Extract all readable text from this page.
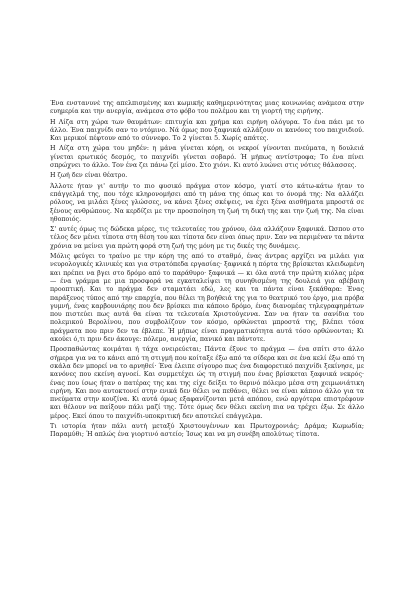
Ένα ενστανυνέ της απελπισμένης και κωμικής καθημερινότητας μιας κοινωνίας ανάμεσα στην ευημερία και την ανεργία, ανάμεσα στο φόβο του πολέμου και τη γιορτή της ειρήνης.

Η Λίζα στη χώρα των θαυμάτων: επιτυχία και χρήμα και ειρήνη ολόγυρα. Το ένα πάει με το άλλο. Ένα παιχνίδι σαν το ντόμινο. Νά όμως που ξαφνικά αλλάζουν οι κανόνες του παιχνιδιού. Και μερικοί πέφτουν από το σύννεφο. Το 2 γίνεται 5. Χωρίς απάτες.

Η Λίζα στη χώρα του μηδέν: η μάνα γίνεται κόρη, οι νεκροί γίνονται πνεύματα, η δουλειά γίνεται ερωτικός δεσμός, το παιχνίδι γίνεται σοβαρό. Ή μήπως αντίστροφα; Το ένα πίνει σπρώχνει το άλλο. Τον ένα ζει πάνω ζεί μίσο. Στο χιόνι. Κι αυτό λυώνει στις νότιες θάλασσες.

Η ζωή δεν είναι θέατρο.

Άλλοτε ήταν γι' αυτήν το πιο φυσικό πράγμα στον κόσμο, γιατί στο κάτω-κάτω ήταν το επάγγελμά της, που τόχε κληρονομήσει από τη μάνα της όπως και το όνομά της: Να αλλάζει ρόλους, να μιλάει ξένες γλώσσες, να κάνει ξένες σκέψεις, να έχει ξένα αισθήματα μπροστά σε ξένους ανθρώπους. Να κερδίζει με την προσποίηση τη ζωή τη δική της και την ζωή της. Να είναι ηθοποιός.

Σ' αυτές όμως τις δώδεκα μέρες, τις τελευταίες του χρόνου, όλα αλλάζουν ξαφνικά. Ώσπου στο τέλος δεν μένει τίποτα στη θέση του και τίποτα δεν είναι όπως πριν. Σαν να περιμέναν τα πάντα χρόνια να μείνει για πρώτη φορά στη ζωή της μόνη με τις δικές της δυνάμεις.

Μόλις φεύγει το τραίνο με την κόρη της από το σταθμό, ένας άντρας αρχίζει να μιλάει για νευρολογικές κλινικές και για στρατόπεδα εργασίας· ξαφνικά η πόρτα της βρίσκεται κλειδωμένη και πρέπει να βγει στο δρόμο από το παράθυρο· ξαφνικά — κι όλα αυτά την πρώτη κιόλας μέρα — ένα γράμμα με μια προσφορά να εγκαταλείψει τη συνηθισμένη της δουλειά για αβέβαιη προοπτική. Και το πράγμα δεν σταματάει εδώ, λες και τα πάντα είναι ξεκάθαρα: Ένας παράξενος τύπος από την επαρχία, που θέλει τη βοήθειά της για το θεατρικό του έργο, μια πρόβα γυμνή, ένας καρβουνιάρης που δεν βρίσκει πια κάποιο δρόμο, ένας διανομέας τηλεγραφημάτων που πιστεύει πως αυτά θα είναι τα τελευταία Χριστούγεννα. Σαν να ήταν τα σανίδια του πολεμικού Βερολίνου, που συμβολίζουν τον κόσμο, ορθώνεται μπροστά της, βλέπει τόσα πράγματα που πριν δεν τα έβλεπε. Ή μήπως είναι πραγματικότητα αυτά τόσο ορθώνονται; Κι ακούει ό,τι πριν δεν άκουγε: πόλεμο, ανεργία, πανικό και πάντοτε.

Προσπαθώντας κοιμάται ή τάχα ονειρεύεται; Πάντα έξυνε το πράγμα — ένα σπίτι στο άλλο σήμερα για να το κάνει από τη στιγμή που κοίταξε έξω από τα σίδερα και σε ένα κελί έξω από τη σκάλα δεν μπορεί να το αρνηθεί· Ένα έλειπε σίγουρο πως ένα διαφορετικό παιχνίδι ξεκίνησε, με κανόνες που εκείνη αγνοεί. Και συμμετέχει ώς τη στιγμή που ένας βρίσκεται ξαφνικά νεκρός· ένας που ίσως ήταν ο πατέρας της και της είχε δείξει το θερινό πόλεμο μέσα στη χειμωνιάτικη ειρήνη. Και που αυτοκτονεί στην ενικά δεν θέλει να πεθάνει, θέλει να είναι κάποιο άλλο για τα πνεύματα στην κουζίνα. Κι αυτά όμως εξαφανίζονται μετά απόπου, ενώ αργότερα επιστρέφουν και θέλουν να παίξουν πάλι μαζί της. Τότε όμως δεν θέλει εκείνη πια να τρέχει έξω. Σε άλλο μέρος. Εκεί όπου το παιχνίδι-υποκριτική δεν αποτελεί επάγγελμα.

Τι ιστορία ήταν πάλι αυτή μεταξύ Χριστουγέννων και Πρωτοχρονιάς; Δράμα; Κωμωδία; Παραμύθι; Ή απλώς ένα γιορτινό αστείο; Ίσως και να μη συνέβη απολύτως τίποτα.
